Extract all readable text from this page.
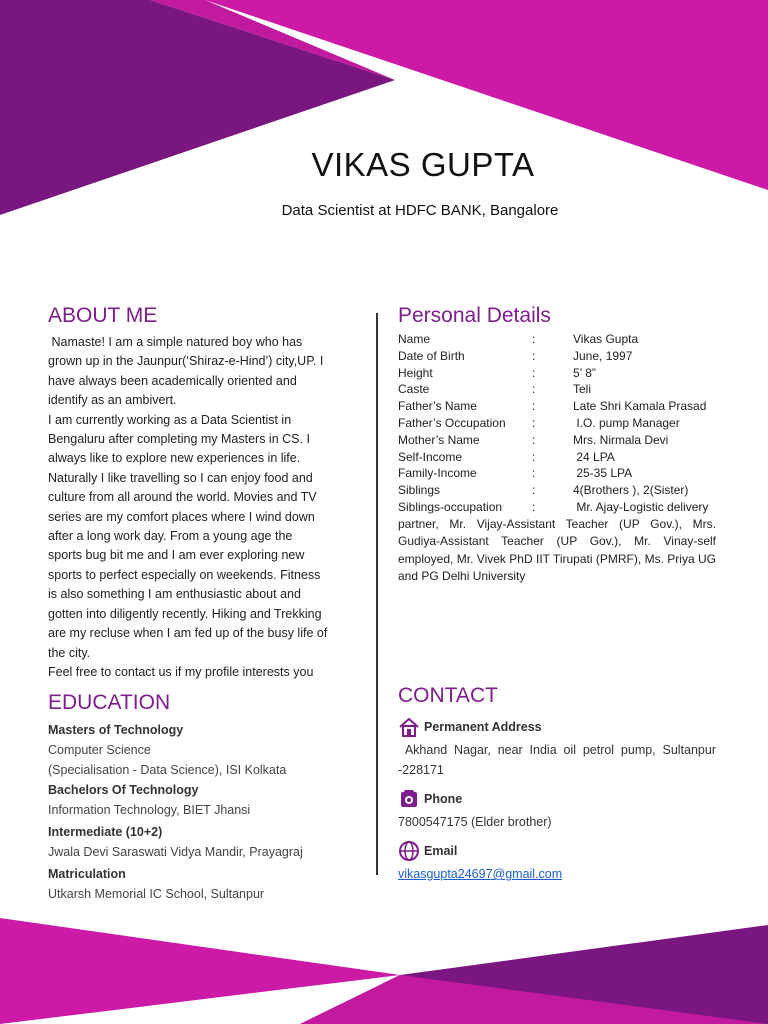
VIKAS GUPTA
Data Scientist at HDFC BANK, Bangalore
ABOUT ME
Namaste! I am a simple natured boy who has
grown up in the Jaunpur(‘Shiraz-e-Hind’) city,UP. I
have always been academically oriented and
identify as an ambivert.
I am currently working as a Data Scientist in
Bengaluru after completing my Masters in CS. I
always like to explore new experiences in life.
Naturally I like travelling so I can enjoy food and
culture from all around the world. Movies and TV
series are my comfort places where I wind down
after a long work day. From a young age the
sports bug bit me and I am ever exploring new
sports to perfect especially on weekends. Fitness
is also something I am enthusiastic about and
gotten into diligently recently. Hiking and Trekking
are my recluse when I am fed up of the busy life of
the city.
Feel free to contact us if my profile interests you
EDUCATION
Masters of Technology
Computer Science
(Specialisation - Data Science), ISI Kolkata
Bachelors Of Technology
Information Technology, BIET Jhansi
Intermediate (10+2)
Jwala Devi Saraswati Vidya Mandir, Prayagraj
Matriculation
Utkarsh Memorial IC School, Sultanpur
Personal Details
Name	:	Vikas Gupta
Date of Birth	:	June, 1997
Height	:	5’ 8”
Caste	:	Teli
Father’s Name	:	Late Shri Kamala Prasad
Father’s Occupation :	I.O. pump Manager
Mother’s Name	:	Mrs. Nirmala Devi
Self-Income	:	24 LPA
Family-Income	:	25-35 LPA
Siblings	:	4(Brothers ), 2(Sister)
Siblings-occupation :	Mr. Ajay-Logistic delivery
partner, Mr. Vijay-Assistant Teacher (UP Gov.), Mrs. Gudiya-Assistant Teacher (UP Gov.), Mr. Vinay-self employed, Mr. Vivek PhD IIT Tirupati (PMRF), Ms. Priya UG and PG Delhi University
CONTACT
Permanent Address
Akhand Nagar, near India oil petrol pump, Sultanpur  -228171
Phone
7800547175 (Elder brother)
Email
vikasgupta24697@gmail.com
